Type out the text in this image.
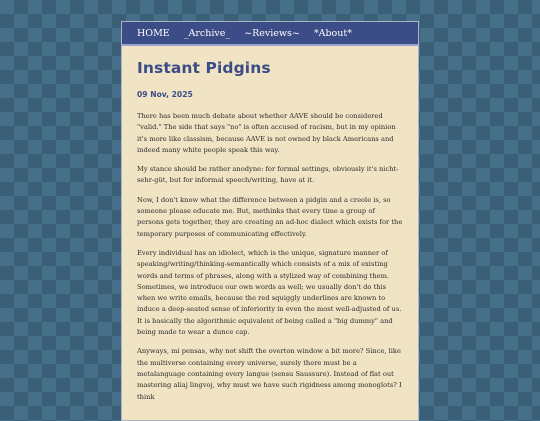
HOME _Archive_ ~Reviews~ *About*
Instant Pidgins
09 Nov, 2025

There has been much debate about whether AAVE should be considered "valid." The side that says "no" is often accused of racism, but in my opinion it's more like classism, because AAVE is not owned by black Americans and indeed many white people speak this way.

My stance should be rather anodyne: for formal settings, obviously it's nicht-sehr-güt, but for informal speech/writing, have at it.

Now, I don't know what the difference between a pidgin and a creole is, so someone please educate me. But, methinks that every time a group of persons gets together, they are creating an ad-hoc dialect which exists for the temporary purposes of communicating effectively.

Every individual has an idiolect, which is the unique, signature manner of speaking/writing/thinking-semantically which consists of a mix of existing words and terms of phrases, along with a stylized way of combining them. Sometimes, we introduce our own words as well; we usually don't do this when we write emails, because the red squiggly underlines are known to induce a deep-seated sense of inferiority in even the most well-adjusted of us. It is basically the algorithmic equivalent of being called a "big dummy" and being made to wear a dunce cap.

Anyways, mi pensas, why not shift the overton window a bit more? Since, like the multiverse containing every universe, surely there must be a metalanguage containing every langue (sensu Saussure). Instead of flat out mastering aliaj lingvoj, why must we have such rigidness among monoglots? I think
